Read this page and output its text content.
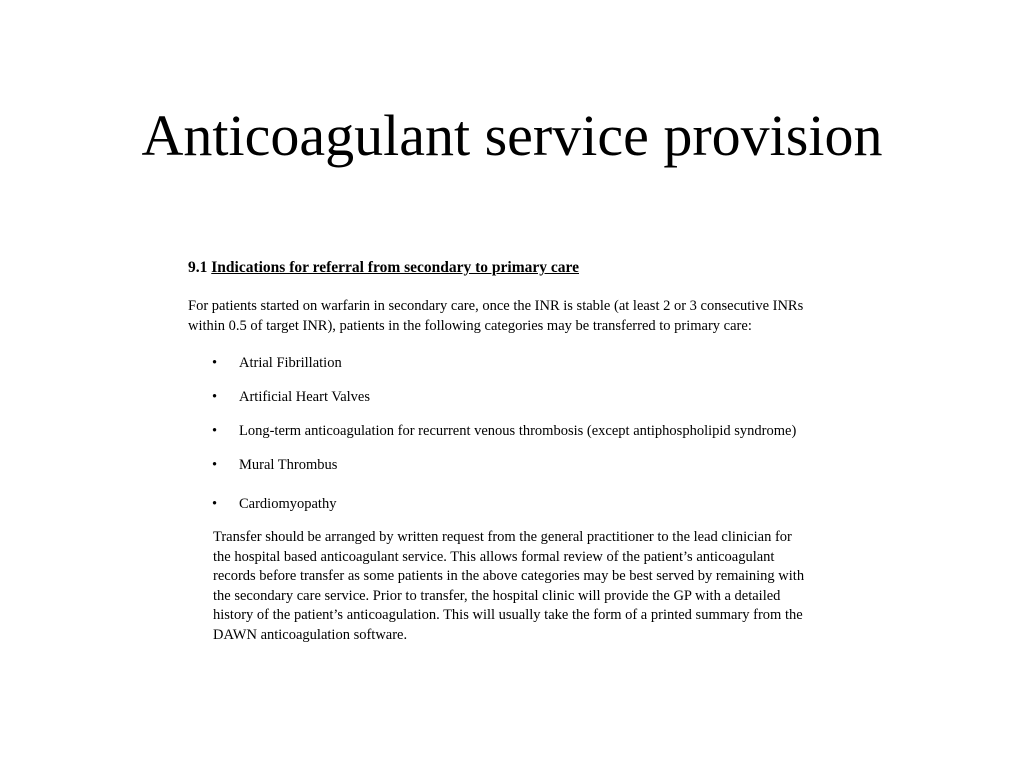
Anticoagulant service provision

9.1 Indications for referral from secondary to primary care

For patients started on warfarin in secondary care, once the INR is stable (at least 2 or 3 consecutive INRs within 0.5 of target INR), patients in the following categories may be transferred to primary care:

• Atrial Fibrillation
• Artificial Heart Valves
• Long-term anticoagulation for recurrent venous thrombosis (except antiphospholipid syndrome)
• Mural Thrombus
• Cardiomyopathy

Transfer should be arranged by written request from the general practitioner to the lead clinician for the hospital based anticoagulant service. This allows formal review of the patient’s anticoagulant records before transfer as some patients in the above categories may be best served by remaining with the secondary care service. Prior to transfer, the hospital clinic will provide the GP with a detailed history of the patient’s anticoagulation. This will usually take the form of a printed summary from the DAWN anticoagulation software.
